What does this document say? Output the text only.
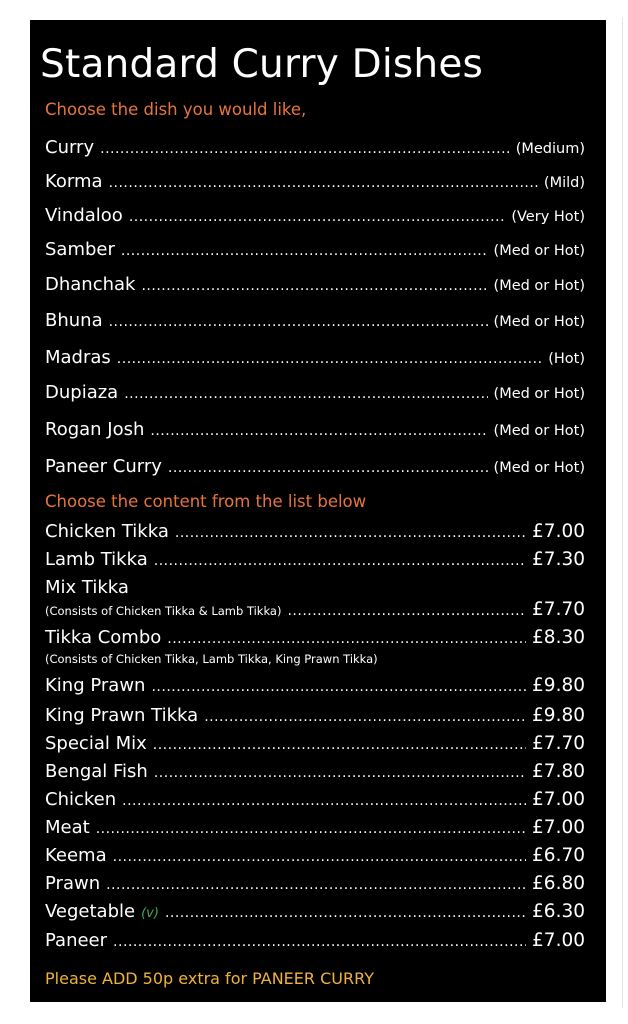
Standard Curry Dishes
Choose the dish you would like,
Curry .....	(Medium)
Korma .....	(Mild)
Vindaloo .....	(Very Hot)
Samber .....	(Med or Hot)
Dhanchak .....	(Med or Hot)
Bhuna .....	(Med or Hot)
Madras .....	(Hot)
Dupiaza .....	(Med or Hot)
Rogan Josh .....	(Med or Hot)
Paneer Curry .....	(Med or Hot)
Choose the content from the list below
Chicken Tikka .....	£7.00
Lamb Tikka .....	£7.30
Mix Tikka
(Consists of Chicken Tikka & Lamb Tikka) .....	£7.70
Tikka Combo .....	£8.30
(Consists of Chicken Tikka, Lamb Tikka, King Prawn Tikka)
King Prawn .....	£9.80
King Prawn Tikka .....	£9.80
Special Mix .....	£7.70
Bengal Fish .....	£7.80
Chicken .....	£7.00
Meat .....	£7.00
Keema .....	£6.70
Prawn .....	£6.80
Vegetable (v) .....	£6.30
Paneer .....	£7.00
Please ADD 50p extra for PANEER CURRY
